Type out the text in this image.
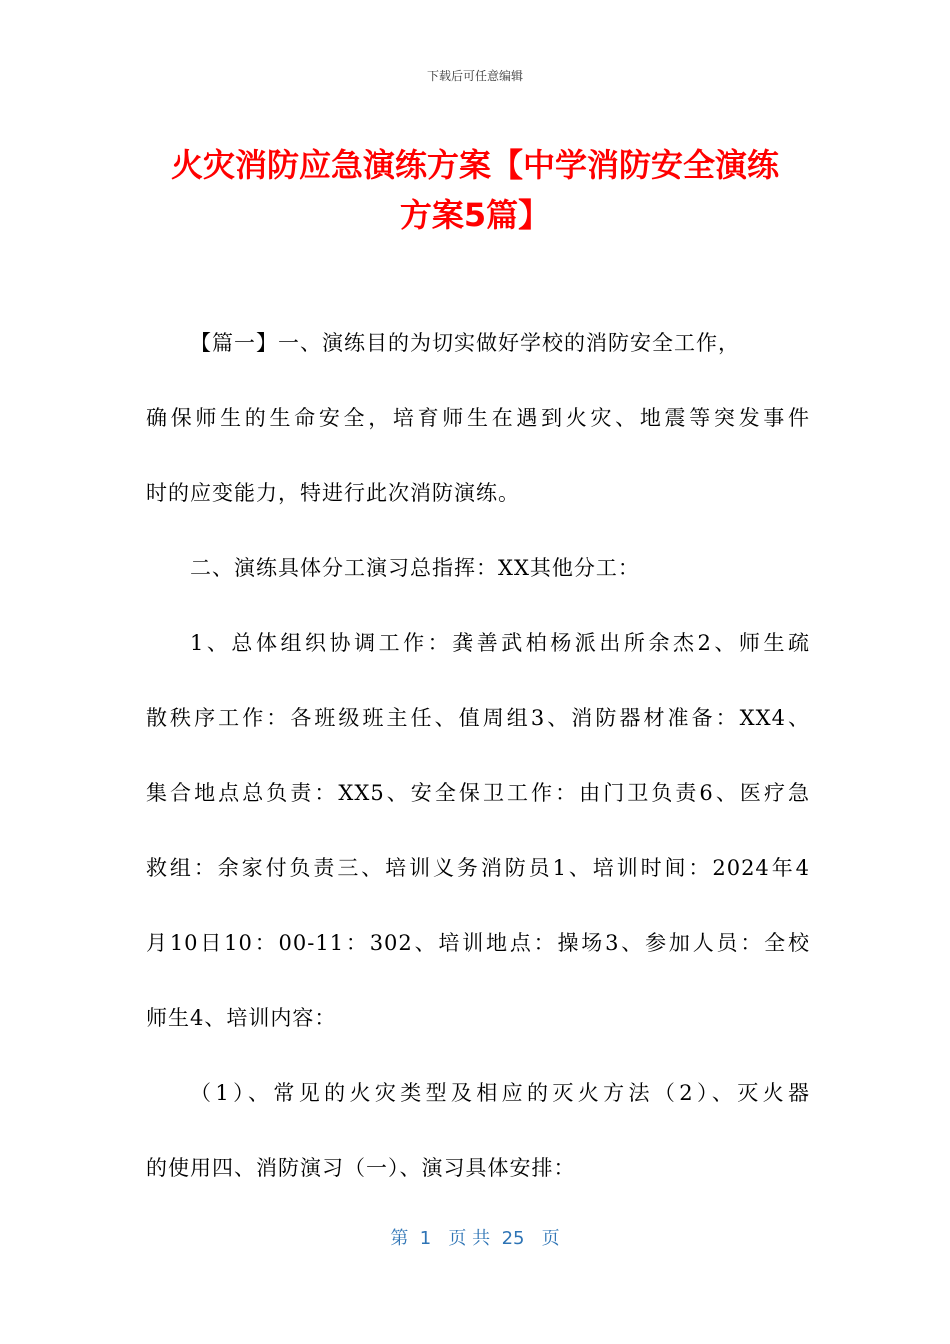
下载后可任意编辑
火灾消防应急演练方案【中学消防安全演练
方案5篇】
【篇一】一、演练目的为切实做好学校的消防安全工作，
确保师生的生命安全，培育师生在遇到火灾、地震等突发事件
时的应变能力，特进行此次消防演练。
二、演练具体分工演习总指挥：XX其他分工：
1、总体组织协调工作：龚善武柏杨派出所余杰2、师生疏
散秩序工作：各班级班主任、值周组3、消防器材准备：XX4、
集合地点总负责：XX5、安全保卫工作：由门卫负责6、医疗急
救组：余家付负责三、培训义务消防员1、培训时间：2024年4
月10日10：00-11：302、培训地点：操场3、参加人员：全校
师生4、培训内容：
（1）、常见的火灾类型及相应的灭火方法（2）、灭火器
的使用四、消防演习（一）、演习具体安排：
第  1   页 共  25   页
